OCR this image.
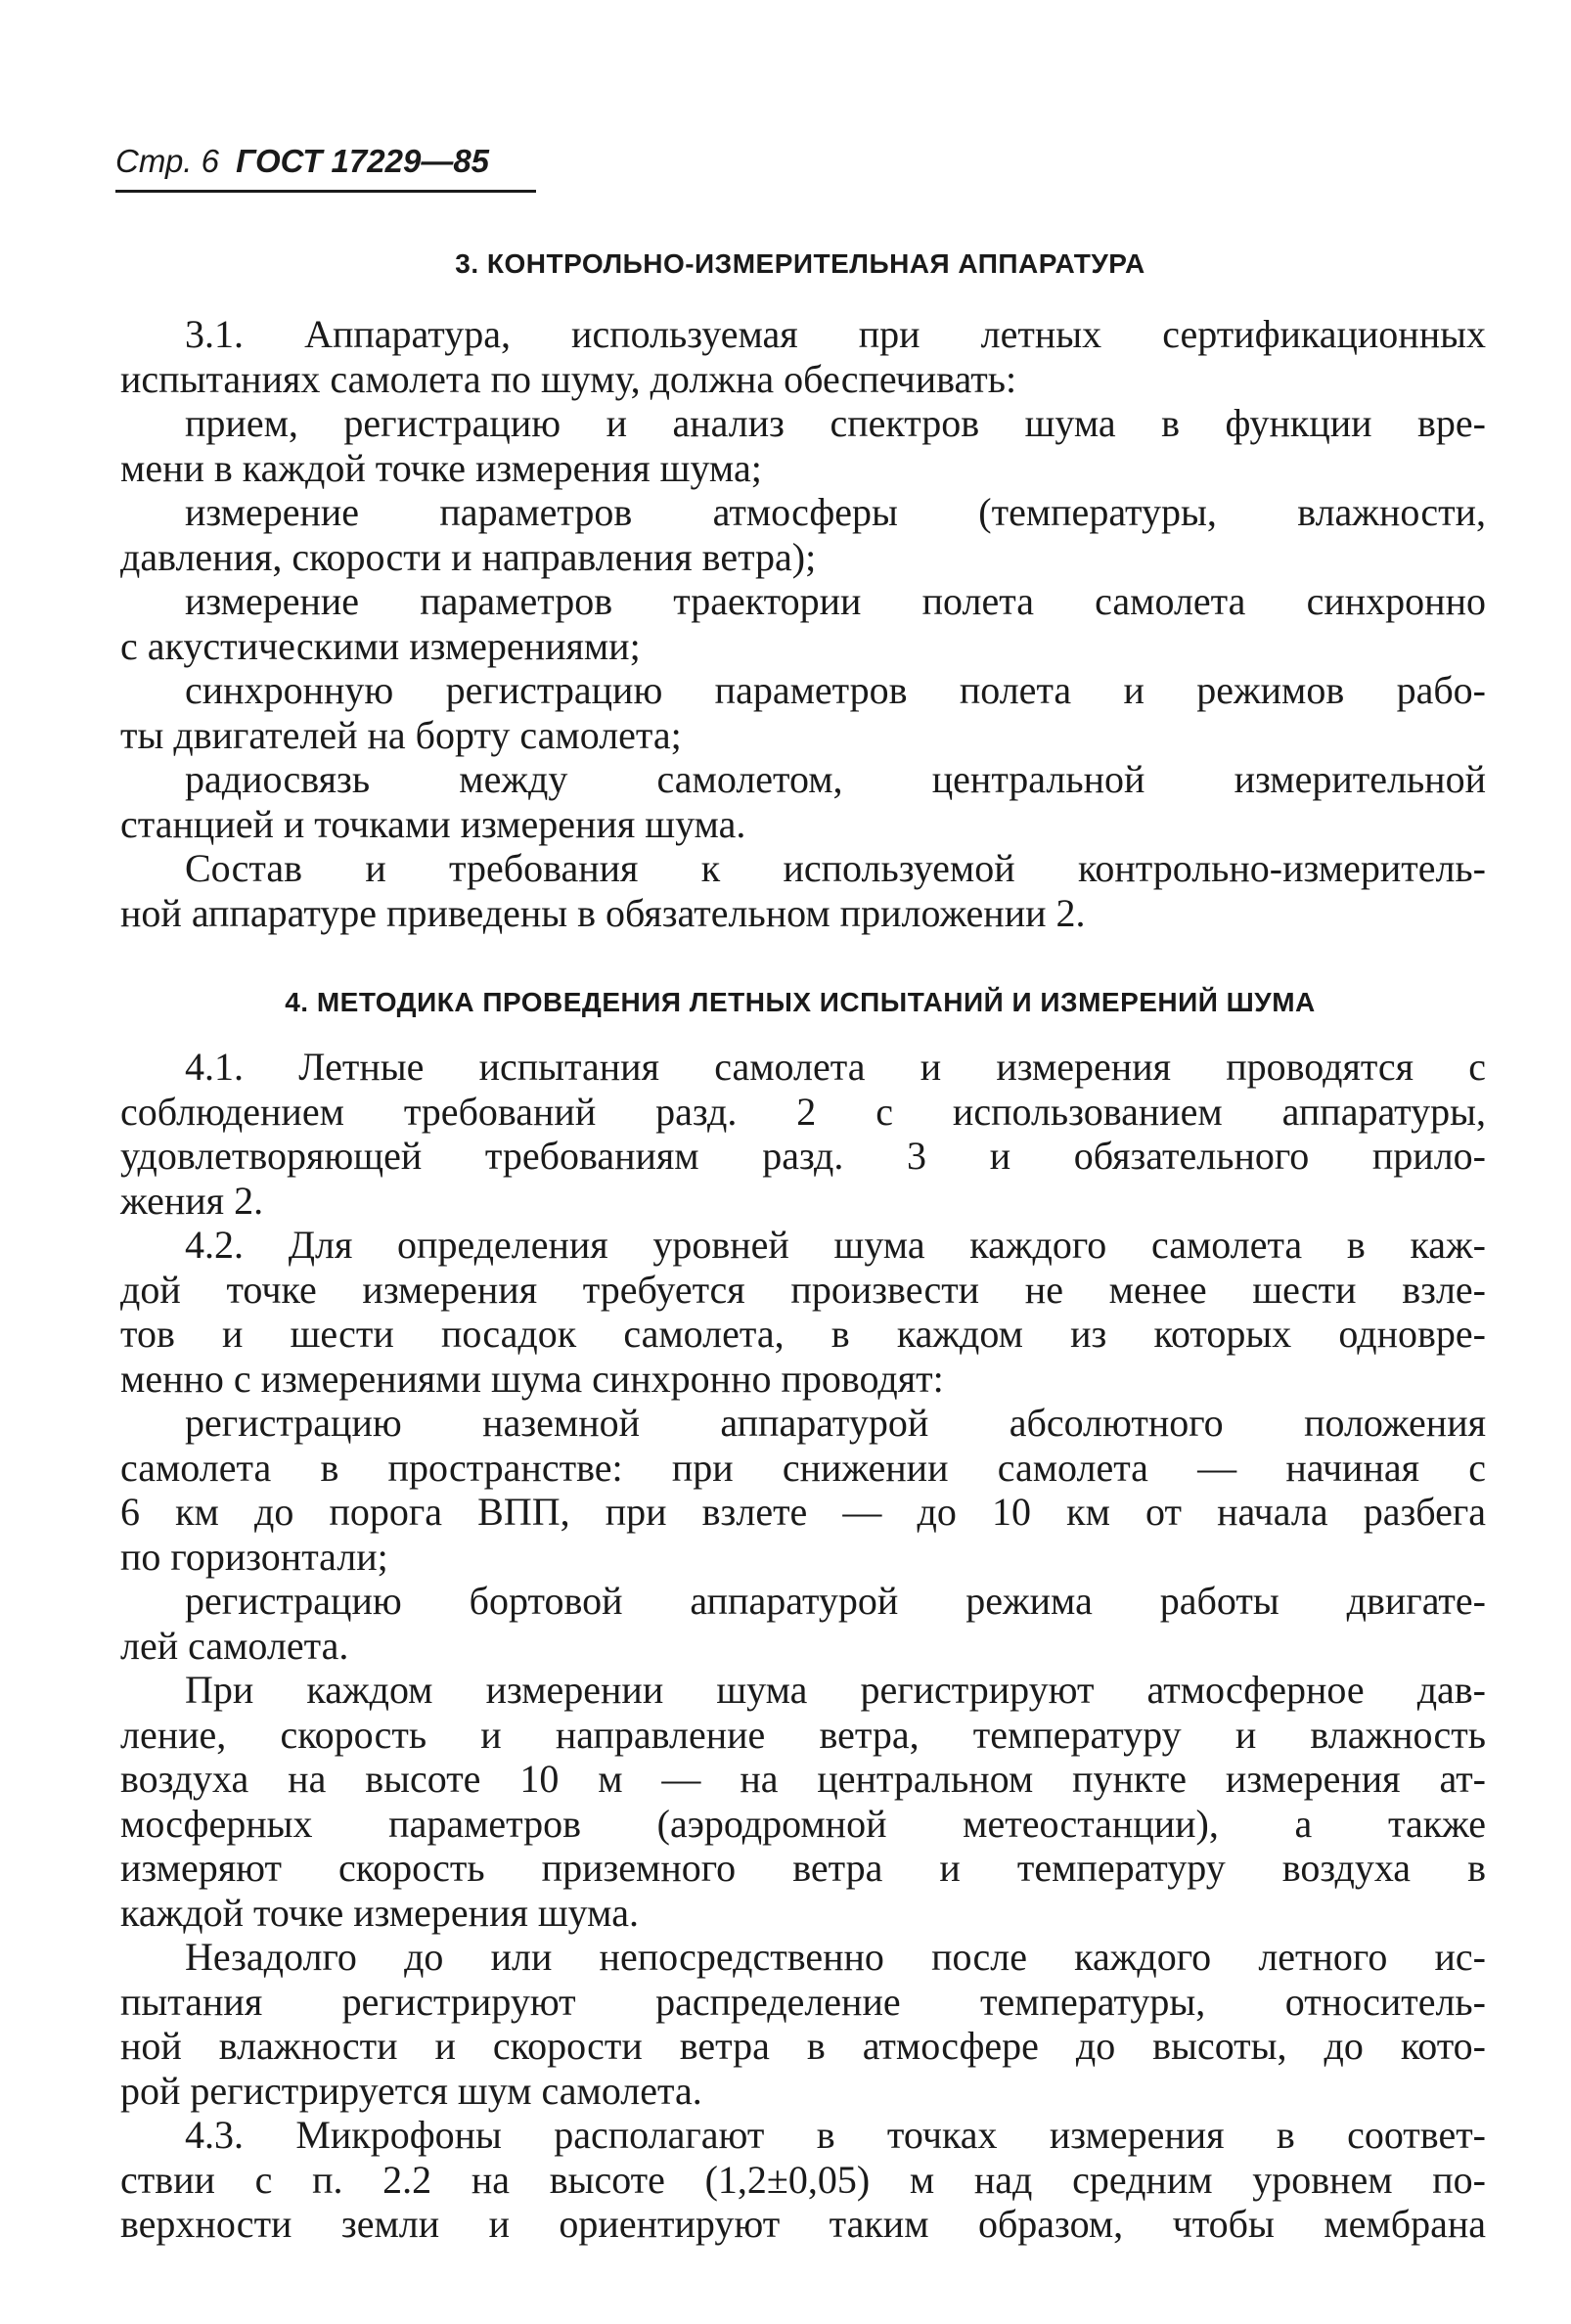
Стр. 6 ГОСТ 17229—85
3. КОНТРОЛЬНО-ИЗМЕРИТЕЛЬНАЯ АППАРАТУРА
3.1. Аппаратура, используемая при летных сертификационных
испытаниях самолета по шуму, должна обеспечивать:
прием, регистрацию и анализ спектров шума в функции вре-
мени в каждой точке измерения шума;
измерение параметров атмосферы (температуры, влажности,
давления, скорости и направления ветра);
измерение параметров траектории полета самолета синхронно
с акустическими измерениями;
синхронную регистрацию параметров полета и режимов рабо-
ты двигателей на борту самолета;
радиосвязь между самолетом, центральной измерительной
станцией и точками измерения шума.
Состав и требования к используемой контрольно-измеритель-
ной аппаратуре приведены в обязательном приложении 2.
4. МЕТОДИКА ПРОВЕДЕНИЯ ЛЕТНЫХ ИСПЫТАНИЙ И ИЗМЕРЕНИЙ ШУМА
4.1. Летные испытания самолета и измерения проводятся с
соблюдением требований разд. 2 с использованием аппаратуры,
удовлетворяющей требованиям разд. 3 и обязательного прило-
жения 2.
4.2. Для определения уровней шума каждого самолета в каж-
дой точке измерения требуется произвести не менее шести взле-
тов и шести посадок самолета, в каждом из которых одновре-
менно с измерениями шума синхронно проводят:
регистрацию наземной аппаратурой абсолютного положения
самолета в пространстве: при снижении самолета — начиная с
6 км до порога ВПП, при взлете — до 10 км от начала разбега
по горизонтали;
регистрацию бортовой аппаратурой режима работы двигате-
лей самолета.
При каждом измерении шума регистрируют атмосферное дав-
ление, скорость и направление ветра, температуру и влажность
воздуха на высоте 10 м — на центральном пункте измерения ат-
мосферных параметров (аэродромной метеостанции), а также
измеряют скорость приземного ветра и температуру воздуха в
каждой точке измерения шума.
Незадолго до или непосредственно после каждого летного ис-
пытания регистрируют распределение температуры, относитель-
ной влажности и скорости ветра в атмосфере до высоты, до кото-
рой регистрируется шум самолета.
4.3. Микрофоны располагают в точках измерения в соответ-
ствии с п. 2.2 на высоте (1,2±0,05) м над средним уровнем по-
верхности земли и ориентируют таким образом, чтобы мембрана
